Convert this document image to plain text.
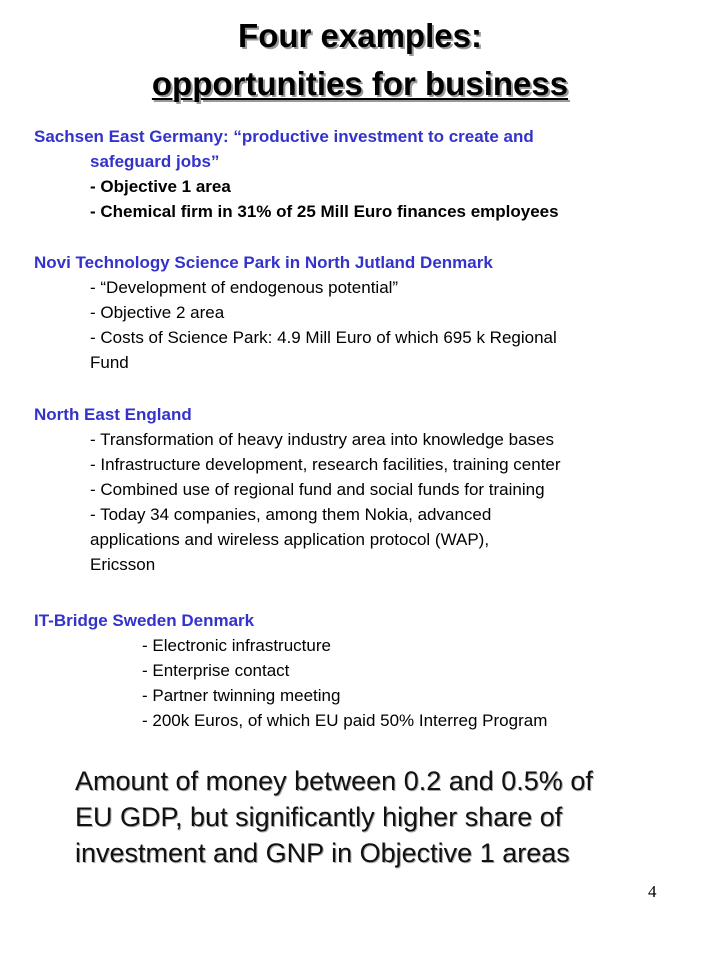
Four examples:
opportunities for business
Sachsen East Germany: “productive investment to create and
safeguard jobs”
- Objective 1 area
- Chemical firm in 31% of 25 Mill Euro finances employees
Novi Technology Science Park in North Jutland Denmark
- “Development of endogenous potential”
- Objective 2 area
- Costs of Science Park: 4.9 Mill Euro of which 695 k Regional
Fund
North East England
- Transformation of heavy industry area into knowledge bases
- Infrastructure development, research facilities, training center
- Combined use of regional fund and social funds for training
- Today 34 companies, among them Nokia, advanced
applications and wireless application protocol (WAP),
Ericsson
IT-Bridge Sweden Denmark
- Electronic infrastructure
- Enterprise contact
- Partner twinning meeting
- 200k Euros, of which EU paid 50% Interreg Program
Amount of money between 0.2 and 0.5% of
EU GDP, but significantly higher share of
investment and GNP in Objective 1 areas
4
